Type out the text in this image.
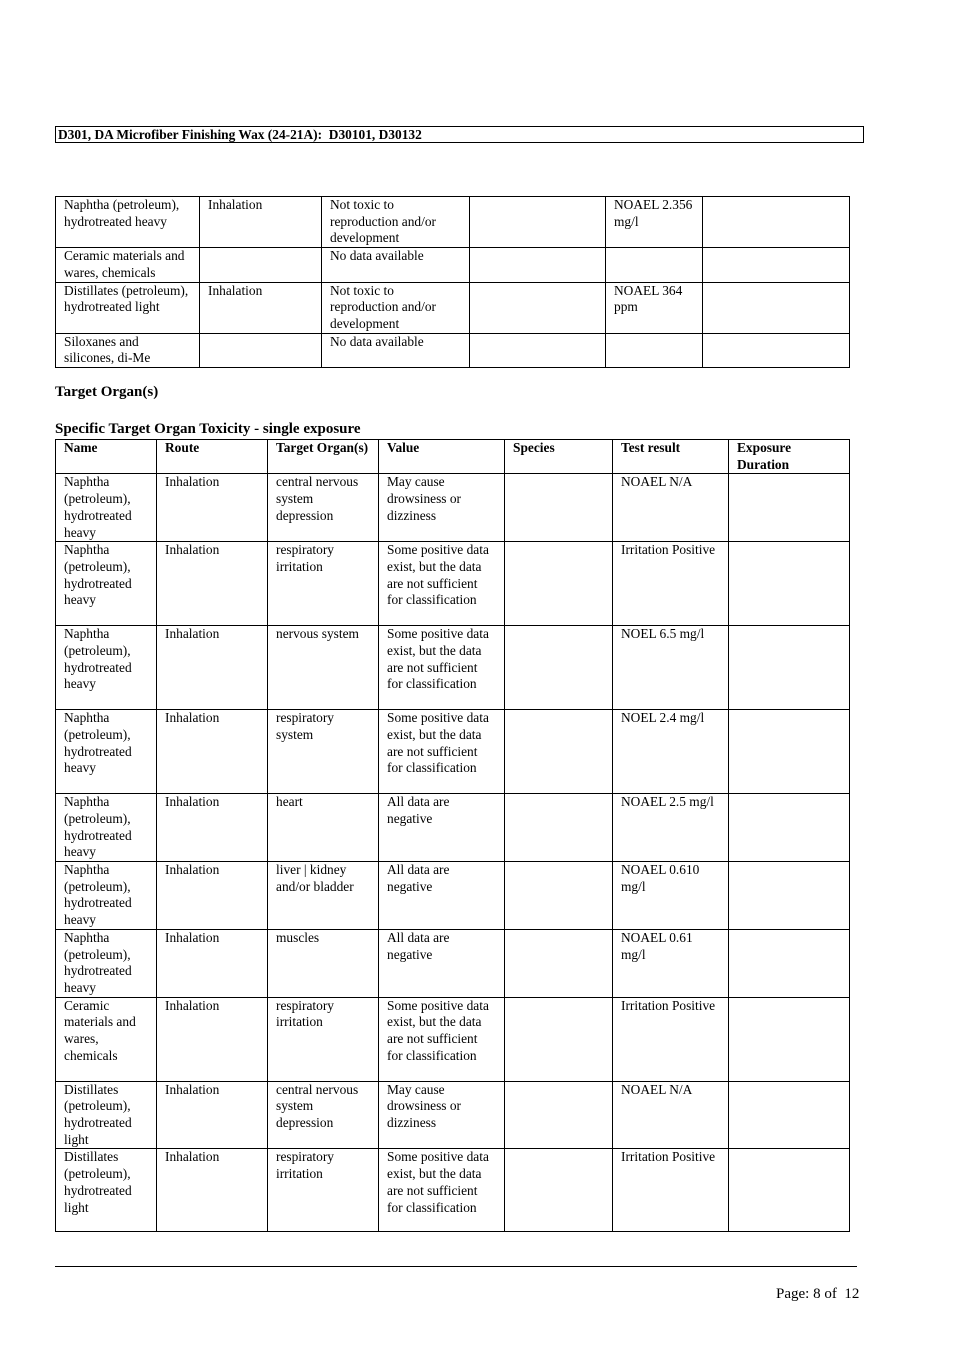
D301, DA Microfiber Finishing Wax (24-21A):  D30101, D30132
Naphtha (petroleum), hydrotreated heavy	Inhalation	Not toxic to reproduction and/or development		NOAEL 2.356 mg/l	
Ceramic materials and wares, chemicals		No data available			
Distillates (petroleum), hydrotreated light	Inhalation	Not toxic to reproduction and/or development		NOAEL 364 ppm	
Siloxanes and silicones, di-Me		No data available			
Target Organ(s)
Specific Target Organ Toxicity - single exposure
Name	Route	Target Organ(s)	Value	Species	Test result	Exposure Duration
Naphtha (petroleum), hydrotreated heavy	Inhalation	central nervous system depression	May cause drowsiness or dizziness		NOAEL N/A	
Naphtha (petroleum), hydrotreated heavy	Inhalation	respiratory irritation	Some positive data exist, but the data are not sufficient for classification		Irritation Positive	
Naphtha (petroleum), hydrotreated heavy	Inhalation	nervous system	Some positive data exist, but the data are not sufficient for classification		NOEL 6.5 mg/l	
Naphtha (petroleum), hydrotreated heavy	Inhalation	respiratory system	Some positive data exist, but the data are not sufficient for classification		NOEL 2.4 mg/l	
Naphtha (petroleum), hydrotreated heavy	Inhalation	heart	All data are negative		NOAEL 2.5 mg/l	
Naphtha (petroleum), hydrotreated heavy	Inhalation	liver | kidney and/or bladder	All data are negative		NOAEL 0.610 mg/l	
Naphtha (petroleum), hydrotreated heavy	Inhalation	muscles	All data are negative		NOAEL 0.61 mg/l	
Ceramic materials and wares, chemicals	Inhalation	respiratory irritation	Some positive data exist, but the data are not sufficient for classification		Irritation Positive	
Distillates (petroleum), hydrotreated light	Inhalation	central nervous system depression	May cause drowsiness or dizziness		NOAEL N/A	
Distillates (petroleum), hydrotreated light	Inhalation	respiratory irritation	Some positive data exist, but the data are not sufficient for classification		Irritation Positive	
Page: 8 of  12
